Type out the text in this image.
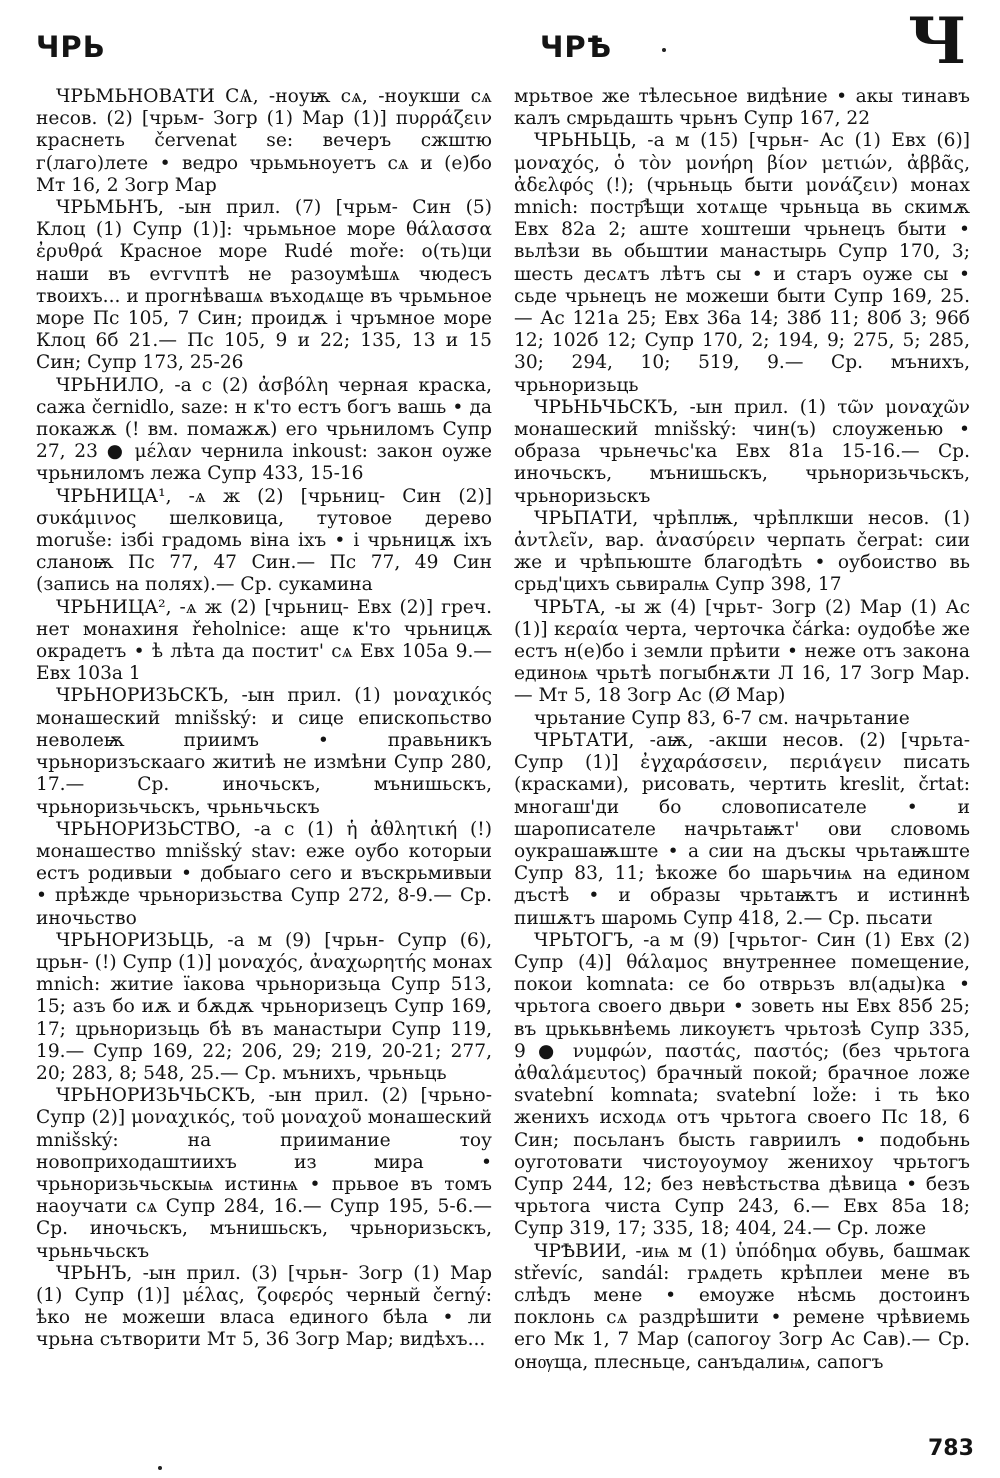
ЧРЬ	ЧРѢ	Ч

ЧРЬМЬНОВАТИ СѦ, -ноуѭ сѧ, -ноукши сѧ несов. (2) [чрьм- Зогр (1) Мар (1)] πυρράζειν краснеть červenat se: вечеръ сжштю г(лаго)лете • ведро чрьмьноуетъ сѧ и (е)бо Мт 16, 2 Зогр Мар

ЧРЬМЬНЪ, -ын прил. (7) [чрьм- Син (5) Клоц (1) Супр (1)]: чрьмьное море θάλασσα ἐρυθρά Красное море Rudé moře: о(ть)ци наши въ еѵгѵптѣ не разоумѣшѧ чюдесъ твоихъ... и прогнѣвашѧ въходѧще въ чрьмьное море Пс 105, 7 Син; проидѫ і чръмное море Клоц 6б 21.— Пс 105, 9 и 22; 135, 13 и 15 Син; Супр 173, 25-26

ЧРЬНИЛО, -а с (2) ἀσβόλη черная краска, сажа černidlo, saze: н к'то естъ богъ вашь • да покажѫ (! вм. помажѫ) его чрьниломъ Супр 27, 23 ● μέλαν чернила inkoust: закон оуже чрьниломъ лежа Супр 433, 15-16

ЧРЬНИЦА¹, -ѧ ж (2) [чрьниц- Син (2)] συκάμινος шелковица, тутовое дерево moruše: ізбі градомь віна іхъ • і чрьницѫ іхъ сланоѭ Пс 77, 47 Син.— Пс 77, 49 Син (запись на полях).— Ср. сукамина

ЧРЬНИЦА², -ѧ ж (2) [чрьниц- Евх (2)] греч. нет монахиня řeholnice: аще к'то чрьницѫ окрадетъ • ѣ лѣта да постит' сѧ Евх 105а 9.— Евх 103а 1

ЧРЬНОРИЗЬСКЪ, -ын прил. (1) μοναχικός монашеский mnišský: и сице епископьство неволеѭ приимъ • правьникъ чрьноризъскааго житиѣ не измѣни Супр 280, 17.— Ср. иночьскъ, мънишьскъ, чрьноризьчьскъ, чрьньчьскъ

ЧРЬНОРИЗЬСТВО, -а с (1) ἡ ἀθλητική (!) монашество mnišský stav: еже оубо которыи естъ родивыи • добыаго сего и въскрьмивыи • прѣжде чрьноризьства Супр 272, 8-9.— Ср. иночьство

ЧРЬНОРИЗЬЦЬ, -а м (9) [чрьн- Супр (6), црьн- (!) Супр (1)] μοναχός, ἀναχωρητής монах mnich: житие їакова чрьноризьца Супр 513, 15; азъ бо иѫ и бѫдѫ чрьноризецъ Супр 169, 17; црьноризьць бѣ въ манастыри Супр 119, 19.— Супр 169, 22; 206, 29; 219, 20-21; 277, 20; 283, 8; 548, 25.— Ср. мънихъ, чрьньць

ЧРЬНОРИЗЬЧЬСКЪ, -ын прил. (2) [чрьно- Супр (2)] μοναχικός, τοῦ μοναχοῦ монашеский mnišský: на приимание тоу новоприходаштиихъ из мира • чрьноризьчьскыѩ истинѩ • прьвое въ томъ наоучати сѧ Супр 284, 16.— Супр 195, 5-6.— Ср. иночьскъ, мънишьскъ, чрьноризьскъ, чрьньчьскъ

ЧРЬНЪ, -ын прил. (3) [чрьн- Зогр (1) Мар (1) Супр (1)] μέλας, ζοφερός черный černý: ѣко не можеши власа единого бѣла • ли чрьна сътворити Мт 5, 36 Зогр Мар; видѣхъ...

мрьтвое же тѣлесьное видѣние • акы тинавъ калъ смрьдашть чрьнъ Супр 167, 22

ЧРЬНЬЦЬ, -а м (15) [чрьн- Ас (1) Евх (6)] μοναχός, ὁ τὸν μονήρη βίον μετιών, ἀββᾶς, ἀδελφός (!); (чрьньць быти μονάζειν) монах mnich: постр҄ѣщи хотѧще чрьньца вь скимѫ Евх 82а 2; аште хоштеши чрьнецъ быти • вьлѣзи вь обьштии манастырь Супр 170, 3; шесть десѧтъ лѣтъ сы • и старъ оуже сы • сьде чрьнецъ не можеши быти Супр 169, 25.— Ас 121а 25; Евх 36а 14; 38б 11; 80б 3; 96б 12; 102б 12; Супр 170, 2; 194, 9; 275, 5; 285, 30; 294, 10; 519, 9.— Ср. мънихъ, чрьноризьць

ЧРЬНЬЧЬСКЪ, -ын прил. (1) τῶν μοναχῶν монашеский mnišský: чин(ъ) слоуженью • образа чрьнечьс'ка Евх 81а 15-16.— Ср. иночьскъ, мънишьскъ, чрьноризьчьскъ, чрьноризьскъ

ЧРЬПАТИ, чрѣплѭ, чрѣплкши несов. (1) ἀντλεῖν, вар. ἀνασύρειν черпать čerpat: сии же и чрѣпьюште благодѣть • оубоиство вь срьд'цихъ сьвиралѩ Супр 398, 17

ЧРЬТА, -ы ж (4) [чрьт- Зогр (2) Мар (1) Ас (1)] κεραία черта, черточка čárka: оудобѣе же естъ н(е)бо і земли прѣити • неже отъ закона единоѩ чрьтѣ погыбнѫти Л 16, 17 Зогр Мар.— Мт 5, 18 Зогр Ас (Ø Мар)

чрьтание Супр 83, 6-7 см. начрьтание

ЧРЬТАТИ, -аѭ, -акши несов. (2) [чрьта- Супр (1)] ἐγχαράσσειν, περιάγειν писать (красками), рисовать, чертить kreslit, črtat: многаш'ди бо словописателе • и шарописателе начрьтаѭт' ови словомь оукрашаѭште • а сии на дъскы чрьтаѭште Супр 83, 11; ѣкоже бо шарьчиѩ на едином дъстѣ • и образы чрьтаѭтъ и истиннѣ пишѫтъ шаромь Супр 418, 2.— Ср. пьсати

ЧРЬТОГЪ, -а м (9) [чрьтог- Син (1) Евх (2) Супр (4)] θάλαμος внутреннее помещение, покои komnata: се бо отврьзъ вл(ады)ка • чрьтога своего двьри • зоветь ны Евх 85б 25; въ црькьвнѣемь ликоуѥтъ чрьтозѣ Супр 335, 9 ● νυμφών, παστάς, παστός; (без чрьтога ἀθαλάμευτος) брачный покой; брачное ложе svatební komnata; svatební lože: і ть ѣко женихъ исходѧ отъ чрьтога своего Пс 18, 6 Син; посьланъ бысть гавриилъ • подобьнь оуготовати чистоуоумоу женихоу чрьтогъ Супр 244, 12; без невѣстьства дѣвица • безъ чрьтога чиста Супр 243, 6.— Евх 85а 18; Супр 319, 17; 335, 18; 404, 24.— Ср. ложе

ЧРѢВИИ, -иѩ м (1) ὑπόδημα обувь, башмак střevíc, sandál: грѧдеть крѣплеи мене въ слѣдъ мене • емоуже нѣсмь достоинъ поклонь сѧ раздрѣшити • ремене чрѣвиемь его Мк 1, 7 Мар (сапогоу Зогр Ас Сав).— Ср. онѹща, плесньце, санъдалиѩ, сапогъ

783
